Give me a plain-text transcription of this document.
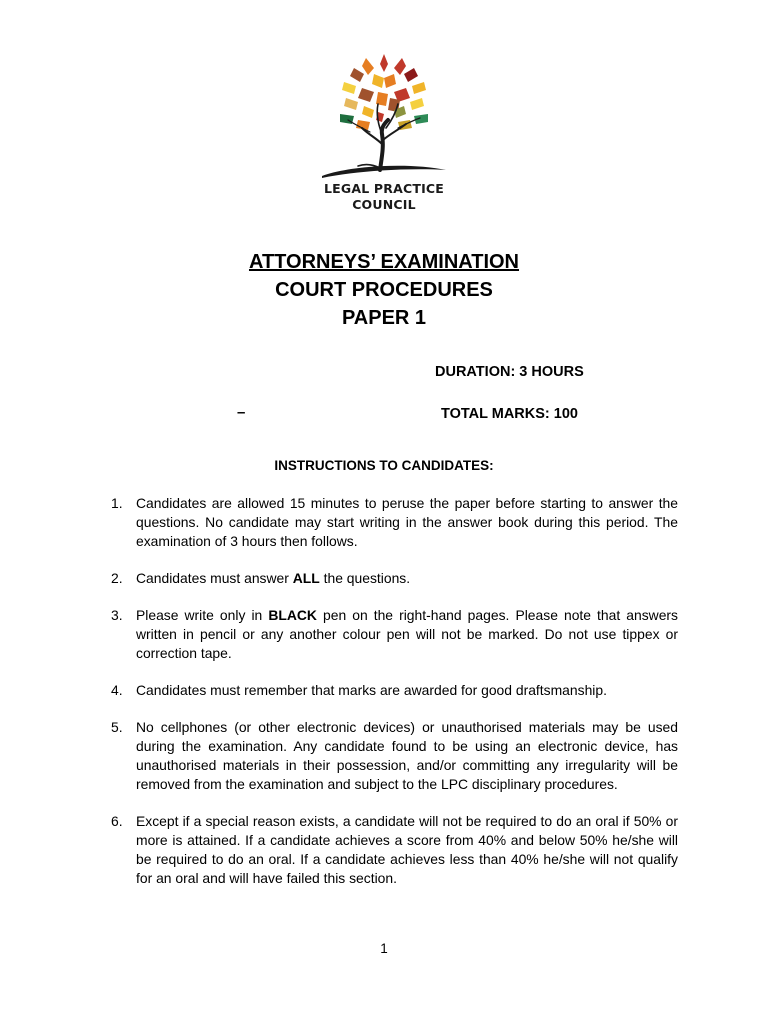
LEGAL PRACTICE
COUNCIL
ATTORNEYS’ EXAMINATION
COURT PROCEDURES
PAPER 1
DURATION: 3 HOURS
–	TOTAL MARKS: 100
INSTRUCTIONS TO CANDIDATES:
1. Candidates are allowed 15 minutes to peruse the paper before starting to answer the questions. No candidate may start writing in the answer book during this period. The examination of 3 hours then follows.
2. Candidates must answer ALL the questions.
3. Please write only in BLACK pen on the right-hand pages. Please note that answers written in pencil or any another colour pen will not be marked. Do not use tippex or correction tape.
4. Candidates must remember that marks are awarded for good draftsmanship.
5. No cellphones (or other electronic devices) or unauthorised materials may be used during the examination. Any candidate found to be using an electronic device, has unauthorised materials in their possession, and/or committing any irregularity will be removed from the examination and subject to the LPC disciplinary procedures.
6. Except if a special reason exists, a candidate will not be required to do an oral if 50% or more is attained. If a candidate achieves a score from 40% and below 50% he/she will be required to do an oral. If a candidate achieves less than 40% he/she will not qualify for an oral and will have failed this section.
1
